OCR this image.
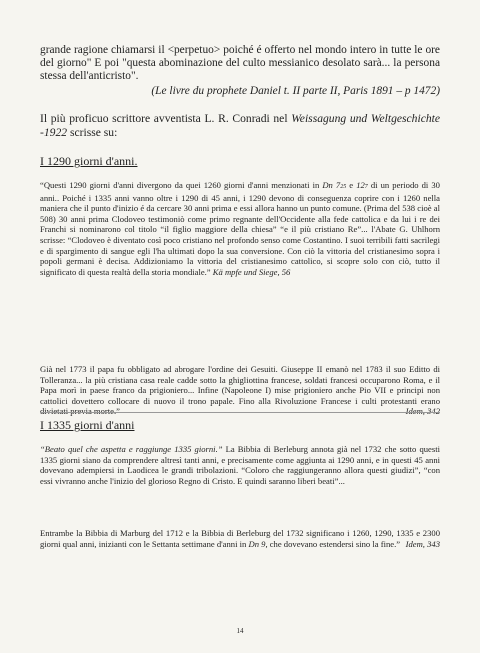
grande ragione chiamarsi il <perpetuo> poiché é offerto nel mondo intero in tutte le ore del giorno" E poi "questa abominazione del culto messianico desolato sarà... la persona stessa dell'anticristo".

(Le livre du prophete Daniel t. II parte II, Paris 1891 – p 1472)

Il più proficuo scrittore avventista L. R. Conradi nel Weissagung und Weltgeschichte -1922 scrisse su:

I 1290 giorni d'anni.

“Questi 1290 giorni d'anni divergono da quei 1260 giorni d'anni menzionati in Dn 725 e 127 di un periodo di 30 anni.. Poiché i 1335 anni vanno oltre i 1290 di 45 anni, i 1290 devono di conseguenza coprire con i 1260 nella maniera che il punto d'inizio é da cercare 30 anni prima e essi allora hanno un punto comune. (Prima del 538 cioè al 508) 30 anni prima Clodoveo testimoniò come primo regnante dell'Occidente alla fede cattolica e da lui i re dei Franchi si nominarono col titolo “il figlio maggiore della chiesa” “e il più cristiano Re”... l'Abate G. Uhlhorn scrisse: “Clodoveo è diventato così poco cristiano nel profondo senso come Costantino. I suoi terribili fatti sacrilegi e di spargimento di sangue egli l'ha ultimati dopo la sua conversione. Con ciò la vittoria del cristianesimo sopra i popoli germani è decisa. Addizioniamo la vittoria del cristianesimo cattolico, si scopre solo con ciò, tutto il significato di questa realtà della storia mondiale.” Kä mpfe und Siege, 56

Già nel 1773 il papa fu obbligato ad abrogare l'ordine dei Gesuiti. Giuseppe II emanò nel 1783 il suo Editto di Tolleranza... la più cristiana casa reale cadde sotto la ghigliottina francese, soldati francesi occuparono Roma, e il Papa morì in paese franco da prigioniero... Infine (Napoleone I) mise prigioniero anche Pio VII e principi non cattolici dovettero collocare di nuovo il trono papale. Fino alla Rivoluzione Francese i culti protestanti erano divietati previa morte.”	Idem, 342

I 1335 giorni d'anni

“Beato quel che aspetta e raggiunge 1335 giorni.” La Bibbia di Berleburg annota già nel 1732 che sotto questi 1335 giorni siano da comprendere altresì tanti anni, e precisamente come aggiunta ai 1290 anni, e in questi 45 anni dovevano adempiersi in Laodicea le grandi tribolazioni. “Coloro che raggiungeranno allora questi giudizi”, “con essi vivranno anche l'inizio del glorioso Regno di Cristo. E quindi saranno liberi beati”...

Entrambe la Bibbia di Marburg del 1712 e la Bibbia di Berleburg del 1732 significano i 1260, 1290, 1335 e 2300 giorni qual anni, inizianti con le Settanta settimane d'anni in Dn 9, che dovevano estendersi sino la fine.” Idem, 343

14
